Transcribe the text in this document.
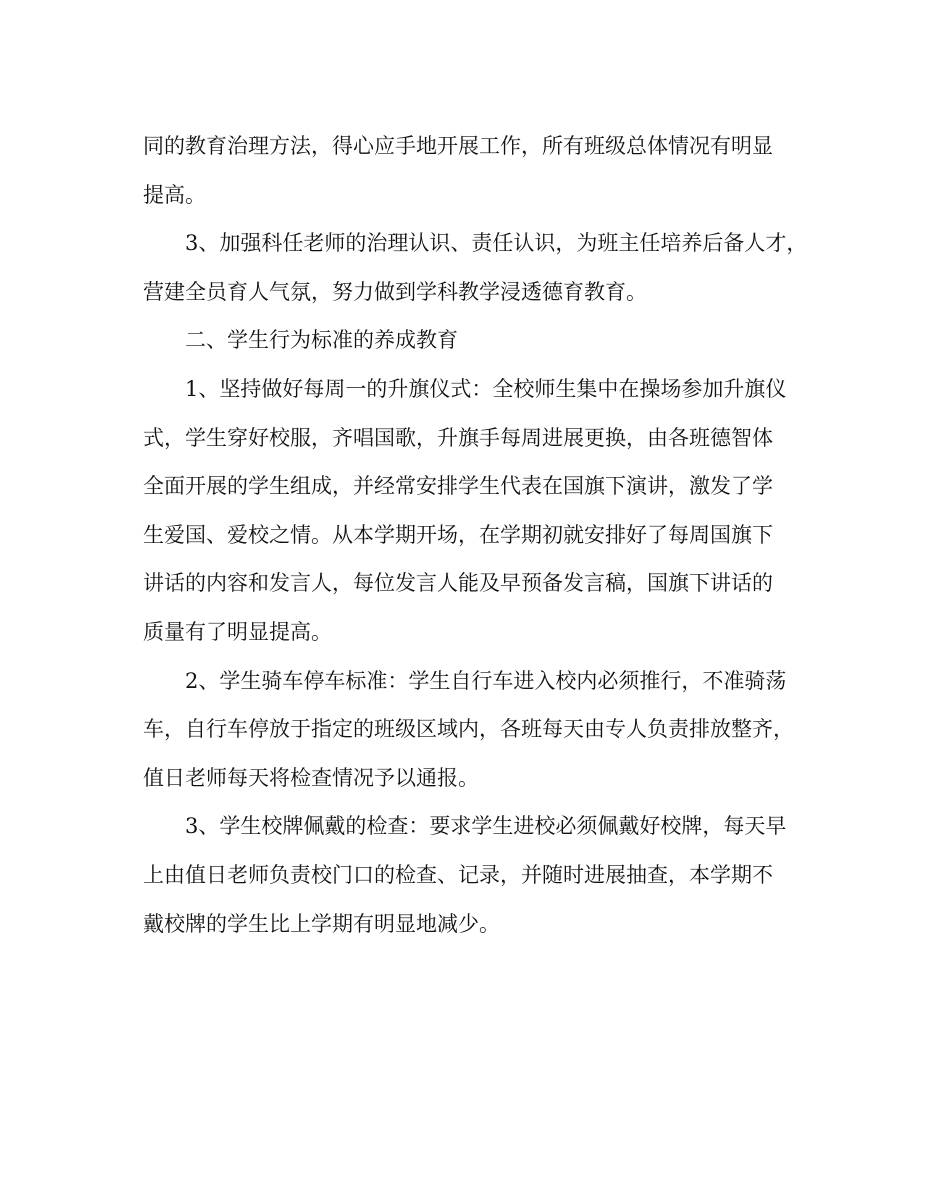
同的教育治理方法，得心应手地开展工作，所有班级总体情况有明显
提高。
3、加强科任老师的治理认识、责任认识，为班主任培养后备人才，
营建全员育人气氛，努力做到学科教学浸透德育教育。
二、学生行为标准的养成教育
1、坚持做好每周一的升旗仪式：全校师生集中在操场参加升旗仪
式，学生穿好校服，齐唱国歌，升旗手每周进展更换，由各班德智体
全面开展的学生组成，并经常安排学生代表在国旗下演讲，激发了学
生爱国、爱校之情。从本学期开场，在学期初就安排好了每周国旗下
讲话的内容和发言人，每位发言人能及早预备发言稿，国旗下讲话的
质量有了明显提高。
2、学生骑车停车标准：学生自行车进入校内必须推行，不准骑荡
车，自行车停放于指定的班级区域内，各班每天由专人负责排放整齐，
值日老师每天将检查情况予以通报。
3、学生校牌佩戴的检查：要求学生进校必须佩戴好校牌，每天早
上由值日老师负责校门口的检查、记录，并随时进展抽查，本学期不
戴校牌的学生比上学期有明显地减少。
